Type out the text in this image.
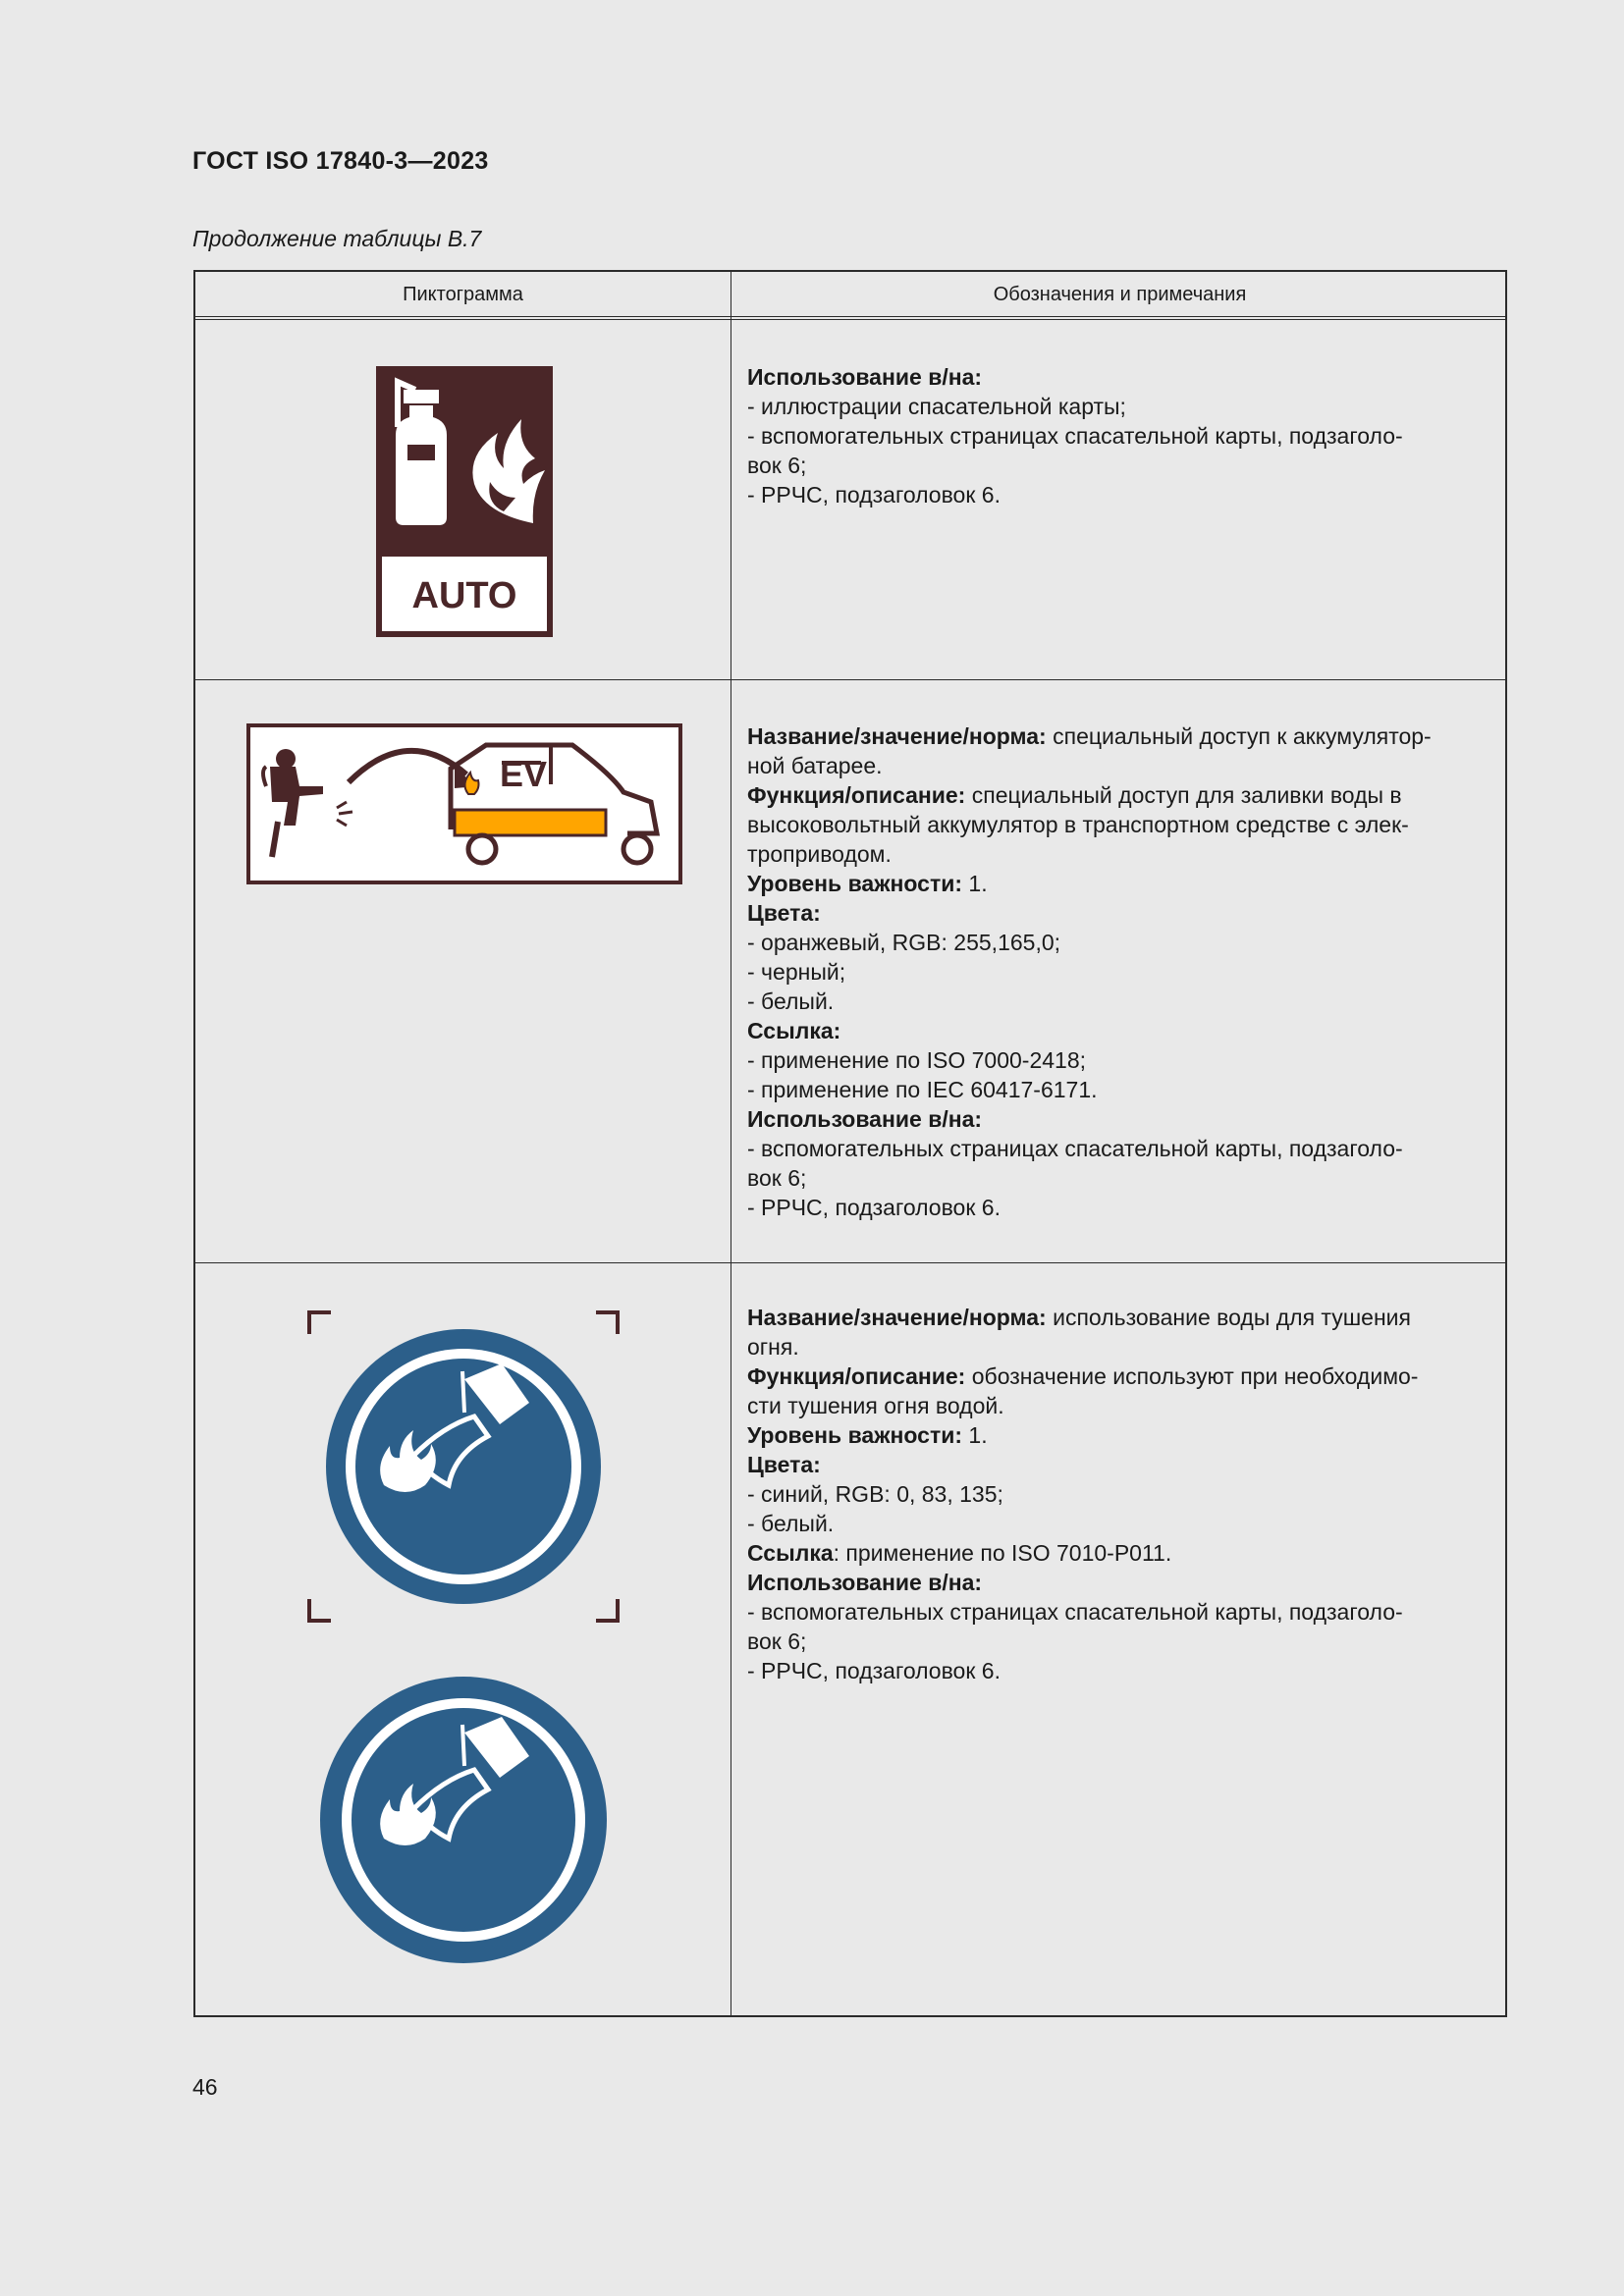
ГОСТ ISO 17840-3—2023
Продолжение таблицы В.7
Пиктограмма	Обозначения и примечания
AUTO

Использование в/на:

- иллюстрации спасательной карты;
- вспомогательных страницах спасательной карты, подзаголо-
вок 6;
- РРЧС, подзаголовок 6.
EV

Название/значение/норма: специальный доступ к аккумулятор-

ной батарее.

Функция/описание: специальный доступ для заливки воды в

высоковольтный аккумулятор в транспортном средстве с элек-

троприводом.

Уровень важности: 1.

Цвета:

- оранжевый, RGB: 255,165,0;
- черный;
- белый.

Ссылка:

- применение по ISO 7000-2418;
- применение по IEC 60417-6171.

Использование в/на:

- вспомогательных страницах спасательной карты, подзаголо-
вок 6;
- РРЧС, подзаголовок 6.

Название/значение/норма: использование воды для тушения

огня.

Функция/описание: обозначение используют при необходимо-

сти тушения огня водой.

Уровень важности: 1.

Цвета:

- синий, RGB: 0, 83, 135;
- белый.

Ссылка: применение по ISO 7010-P011.

Использование в/на:

- вспомогательных страницах спасательной карты, подзаголо-
вок 6;
- РРЧС, подзаголовок 6.
46
